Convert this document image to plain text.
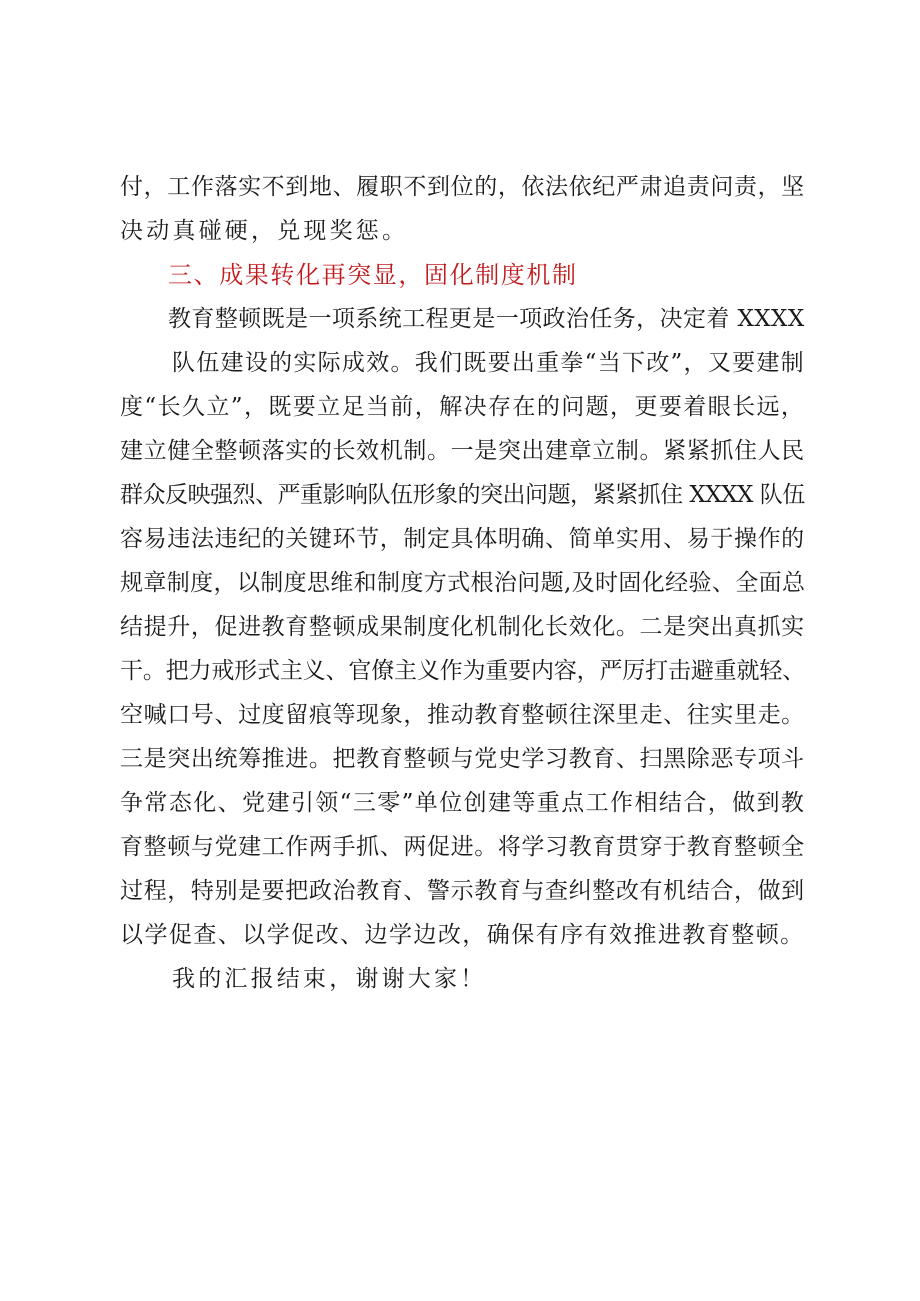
付，工作落实不到地、履职不到位的，依法依纪严肃追责问责，坚
决动真碰硬，兑现奖惩。
三、成果转化再突显，固化制度机制
教育整顿既是一项系统工程更是一项政治任务，决定着 XXXX
队伍建设的实际成效。我们既要出重拳“当下改”，又要建制
度“长久立”，既要立足当前，解决存在的问题，更要着眼长远，
建立健全整顿落实的长效机制。一是突出建章立制。紧紧抓住人民
群众反映强烈、严重影响队伍形象的突出问题，紧紧抓住 XXXX 队伍
容易违法违纪的关键环节，制定具体明确、简单实用、易于操作的
规章制度，以制度思维和制度方式根治问题,及时固化经验、全面总
结提升，促进教育整顿成果制度化机制化长效化。二是突出真抓实
干。把力戒形式主义、官僚主义作为重要内容，严厉打击避重就轻、
空喊口号、过度留痕等现象，推动教育整顿往深里走、往实里走。
三是突出统筹推进。把教育整顿与党史学习教育、扫黑除恶专项斗
争常态化、党建引领“三零”单位创建等重点工作相结合，做到教
育整顿与党建工作两手抓、两促进。将学习教育贯穿于教育整顿全
过程，特别是要把政治教育、警示教育与查纠整改有机结合，做到
以学促查、以学促改、边学边改，确保有序有效推进教育整顿。
我的汇报结束，谢谢大家！
